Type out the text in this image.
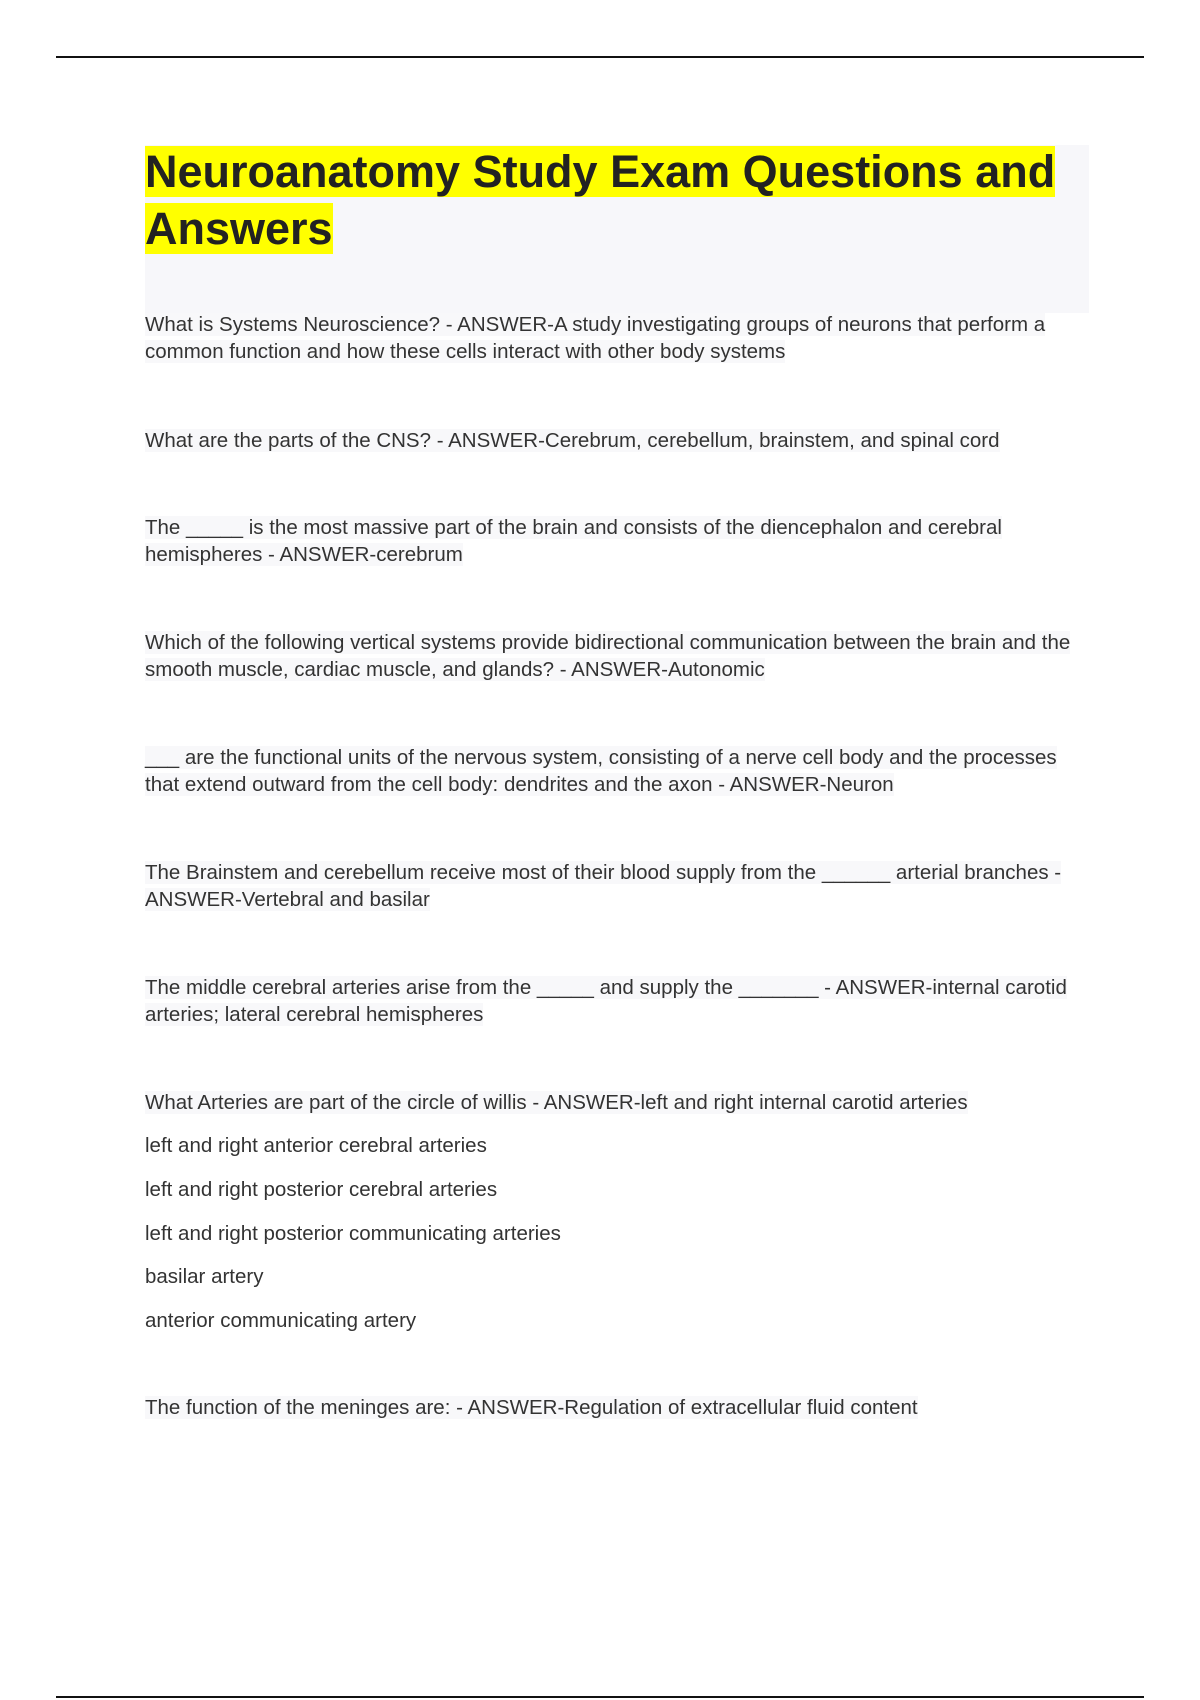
Neuroanatomy Study Exam Questions and Answers

What is Systems Neuroscience? - ANSWER-A study investigating groups of neurons that perform a common function and how these cells interact with other body systems

What are the parts of the CNS? - ANSWER-Cerebrum, cerebellum, brainstem, and spinal cord

The _____ is the most massive part of the brain and consists of the diencephalon and cerebral hemispheres - ANSWER-cerebrum

Which of the following vertical systems provide bidirectional communication between the brain and the smooth muscle, cardiac muscle, and glands? - ANSWER-Autonomic

___ are the functional units of the nervous system, consisting of a nerve cell body and the processes that extend outward from the cell body: dendrites and the axon - ANSWER-Neuron

The Brainstem and cerebellum receive most of their blood supply from the ______ arterial branches - ANSWER-Vertebral and basilar

The middle cerebral arteries arise from the _____ and supply the _______ - ANSWER-internal carotid arteries; lateral cerebral hemispheres

What Arteries are part of the circle of willis - ANSWER-left and right internal carotid arteries

left and right anterior cerebral arteries

left and right posterior cerebral arteries

left and right posterior communicating arteries

basilar artery

anterior communicating artery

The function of the meninges are: - ANSWER-Regulation of extracellular fluid content
